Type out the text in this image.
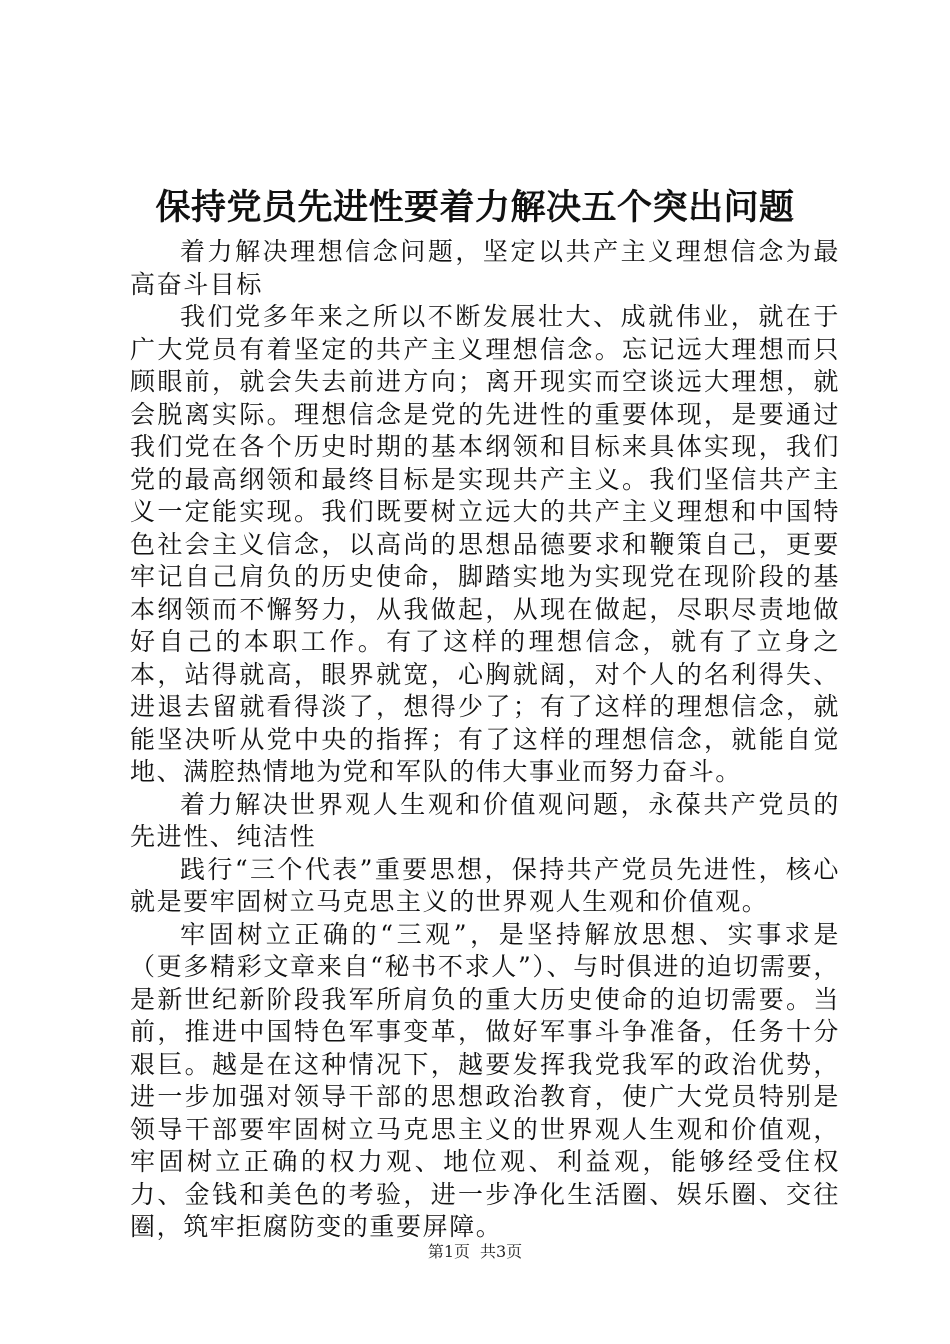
保持党员先进性要着力解决五个突出问题

着力解决理想信念问题，坚定以共产主义理想信念为最高奋斗目标

我们党多年来之所以不断发展壮大、成就伟业，就在于广大党员有着坚定的共产主义理想信念。忘记远大理想而只顾眼前，就会失去前进方向；离开现实而空谈远大理想，就会脱离实际。理想信念是党的先进性的重要体现，是要通过我们党在各个历史时期的基本纲领和目标来具体实现，我们党的最高纲领和最终目标是实现共产主义。我们坚信共产主义一定能实现。我们既要树立远大的共产主义理想和中国特色社会主义信念，以高尚的思想品德要求和鞭策自己，更要牢记自己肩负的历史使命，脚踏实地为实现党在现阶段的基本纲领而不懈努力，从我做起，从现在做起，尽职尽责地做好自己的本职工作。有了这样的理想信念，就有了立身之本，站得就高，眼界就宽，心胸就阔，对个人的名利得失、进退去留就看得淡了，想得少了；有了这样的理想信念，就能坚决听从党中央的指挥；有了这样的理想信念，就能自觉地、满腔热情地为党和军队的伟大事业而努力奋斗。

着力解决世界观人生观和价值观问题，永葆共产党员的先进性、纯洁性

践行“三个代表”重要思想，保持共产党员先进性，核心就是要牢固树立马克思主义的世界观人生观和价值观。

牢固树立正确的“三观”，是坚持解放思想、实事求是（更多精彩文章来自“秘书不求人”）、与时俱进的迫切需要，是新世纪新阶段我军所肩负的重大历史使命的迫切需要。当前，推进中国特色军事变革，做好军事斗争准备，任务十分艰巨。越是在这种情况下，越要发挥我党我军的政治优势，进一步加强对领导干部的思想政治教育，使广大党员特别是领导干部要牢固树立马克思主义的世界观人生观和价值观，牢固树立正确的权力观、地位观、利益观，能够经受住权力、金钱和美色的考验，进一步净化生活圈、娱乐圈、交往圈，筑牢拒腐防变的重要屏障。

第1页 共3页
